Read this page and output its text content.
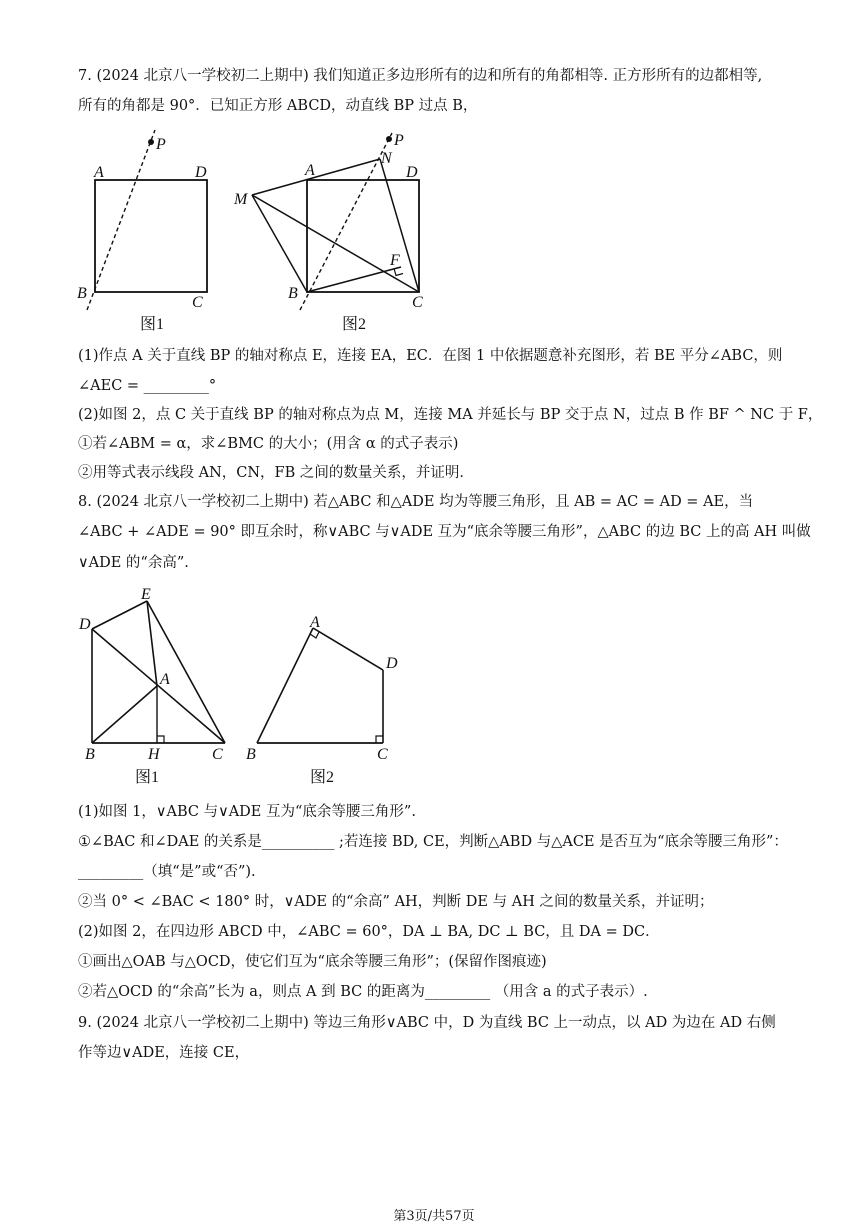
7. (2024 北京八一学校初二上期中) 我们知道正多边形所有的边和所有的角都相等. 正方形所有的边都相等,
所有的角都是 90°．已知正方形 ABCD，动直线 BP 过点 B，
P
A	D
B
C
图1
P
N
A	D
M
F
B
C
图2
(1)作点 A 关于直线 BP 的轴对称点 E，连接 EA，EC．在图 1 中依据题意补充图形，若 BE 平分∠ABC，则
∠AEC = _________°
(2)如图 2，点 C 关于直线 BP 的轴对称点为点 M，连接 MA 并延长与 BP 交于点 N，过点 B 作 BF ^ NC 于 F，
①若∠ABM = α，求∠BMC 的大小；(用含 α 的式子表示)
②用等式表示线段 AN，CN，FB 之间的数量关系，并证明．
8. (2024 北京八一学校初二上期中) 若△ABC 和△ADE 均为等腰三角形，且 AB = AC = AD = AE，当
∠ABC + ∠ADE = 90° 即互余时，称∨ABC 与∨ADE 互为“底余等腰三角形”，△ABC 的边 BC 上的高 AH 叫做
∨ADE 的“余高”.
E
D
A
B	H	C
图1
A
D
B	C
图2
(1)如图 1，∨ABC 与∨ADE 互为“底余等腰三角形”.
①∠BAC 和∠DAE 的关系是__________ ;若连接 BD, CE，判断△ABD 与△ACE 是否互为“底余等腰三角形”：
_________（填“是”或“否”).
②当 0° < ∠BAC < 180° 时，∨ADE 的“余高” AH，判断 DE 与 AH 之间的数量关系，并证明；
(2)如图 2，在四边形 ABCD 中，∠ABC = 60°，DA ⊥ BA, DC ⊥ BC，且 DA = DC．
①画出△OAB 与△OCD，使它们互为“底余等腰三角形”；(保留作图痕迹)
②若△OCD 的“余高”长为 a，则点 A 到 BC 的距离为_________ （用含 a 的式子表示）.
9. (2024 北京八一学校初二上期中) 等边三角形∨ABC 中，D 为直线 BC 上一动点，以 AD 为边在 AD 右侧
作等边∨ADE，连接 CE，
第3页/共57页
